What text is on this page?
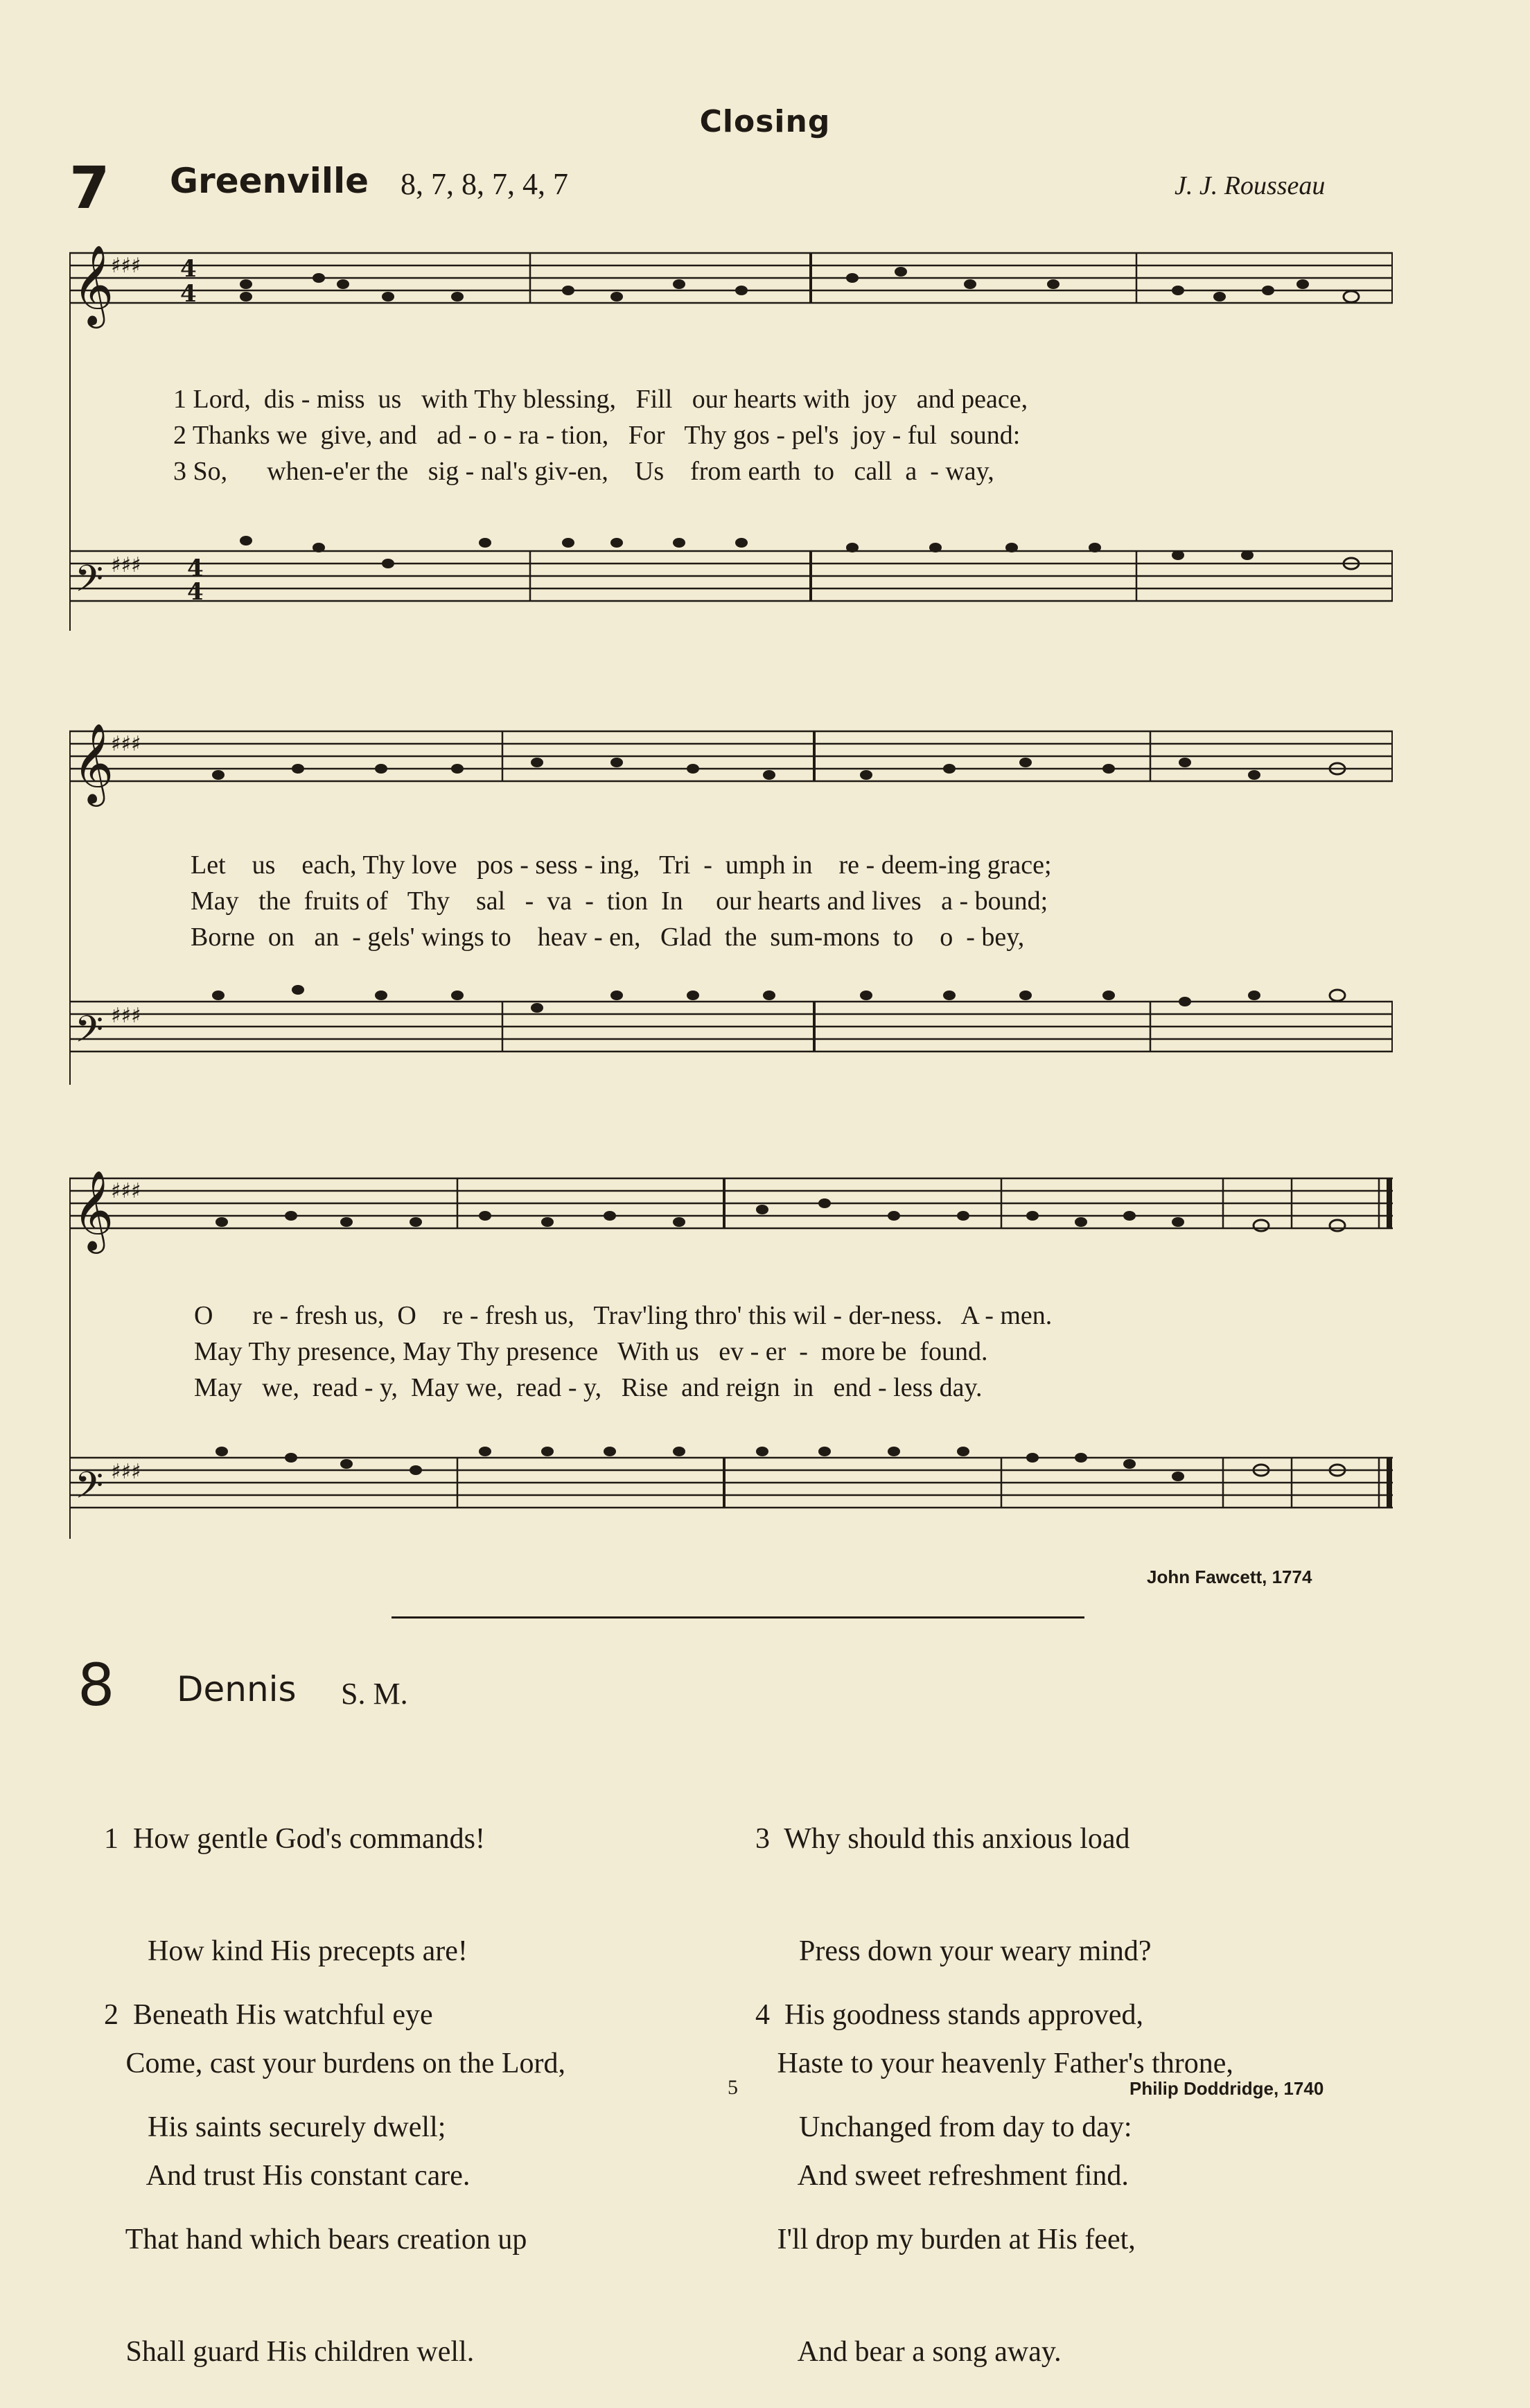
Closing
7 Greenville 8, 7, 8, 7, 4, 7	J. J. Rousseau
𝄞
𝄢
♯♯♯
♯♯♯
4
4
4
4
1 Lord,  dis - miss  us   with Thy blessing,   Fill   our hearts with  joy   and peace,
2 Thanks we  give, and   ad - o - ra - tion,   For   Thy gos - pel's  joy - ful  sound:
3 So,      when-e'er the   sig - nal's giv-en,    Us    from earth  to   call  a  - way,
𝄞
𝄢
♯♯♯
♯♯♯
Let    us    each, Thy love   pos - sess - ing,   Tri  -  umph in    re - deem-ing grace;
May   the  fruits of   Thy    sal   -  va  -  tion  In     our hearts and lives   a - bound;
Borne  on   an  - gels' wings to    heav - en,   Glad  the  sum-mons  to    o  - bey,
𝄞
𝄢
♯♯♯
♯♯♯
O      re - fresh us,  O    re - fresh us,   Trav'ling thro' this wil - der-ness.   A - men.
May Thy presence, May Thy presence   With us   ev - er  -  more be  found.
May   we,  read - y,  May we,  read - y,   Rise  and reign  in   end - less day.
John Fawcett, 1774
8 Dennis S. M.

1  How gentle God's commands!

How kind His precepts are!

Come, cast your burdens on the Lord,

And trust His constant care.

2  Beneath His watchful eye

His saints securely dwell;

That hand which bears creation up

Shall guard His children well.

3  Why should this anxious load

Press down your weary mind?

Haste to your heavenly Father's throne,

And sweet refreshment find.

4  His goodness stands approved,

Unchanged from day to day:

I'll drop my burden at His feet,

And bear a song away.

5	Philip Doddridge, 1740
